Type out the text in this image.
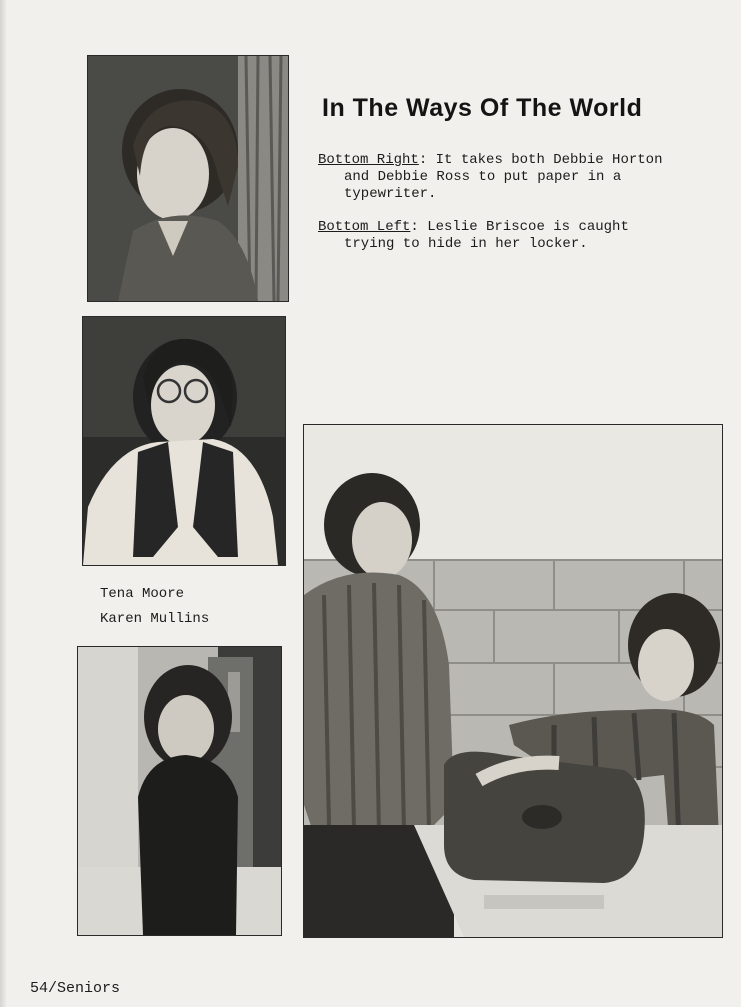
In The Ways Of The World

Bottom Right: It takes both Debbie Horton
and Debbie Ross to put paper in a
typewriter.

Bottom Left: Leslie Briscoe is caught
trying to hide in her locker.

Tena Moore
Karen Mullins
54/Seniors
